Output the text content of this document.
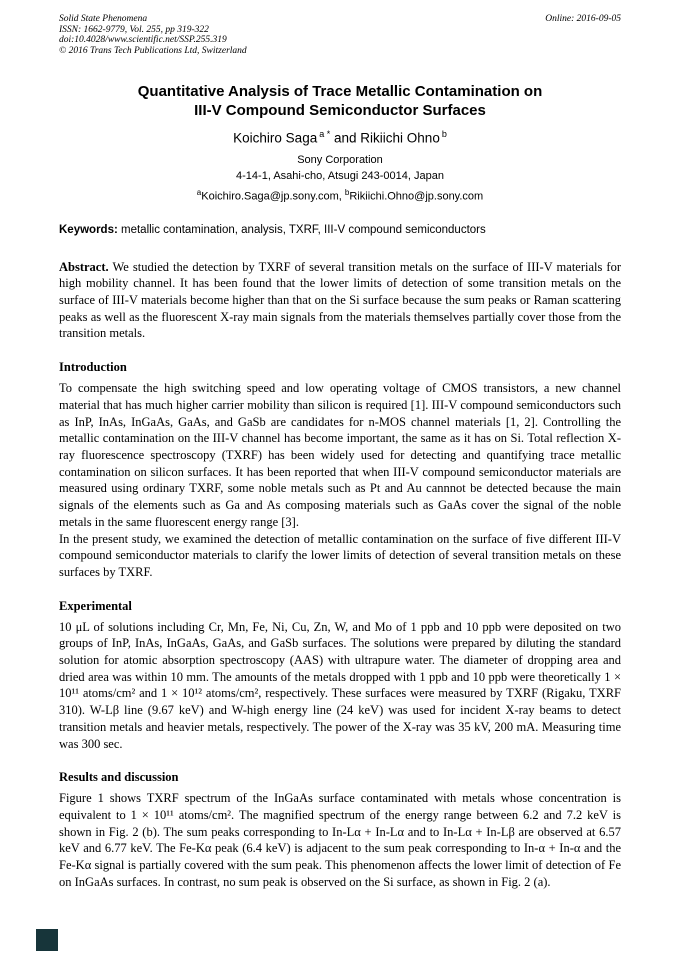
Solid State Phenomena
ISSN: 1662-9779, Vol. 255, pp 319-322
doi:10.4028/www.scientific.net/SSP.255.319
© 2016 Trans Tech Publications Ltd, Switzerland
Online: 2016-09-05
Quantitative Analysis of Trace Metallic Contamination on
III-V Compound Semiconductor Surfaces
Koichiro Saga $^{a *}$ and Rikiichi Ohno $^b$
Sony Corporation
4-14-1, Asahi-cho, Atsugi 243-0014, Japan
$^a$Koichiro.Saga@jp.sony.com, $^b$Rikiichi.Ohno@jp.sony.com
Keywords: metallic contamination, analysis, TXRF, III-V compound semiconductors

Abstract. We studied the detection by TXRF of several transition metals on the surface of III-V materials for high mobility channel. It has been found that the lower limits of detection of some transition metals on the surface of III-V materials become higher than that on the Si surface because the sum peaks or Raman scattering peaks as well as the fluorescent X-ray main signals from the materials themselves partially cover those from the transition metals.

Introduction

To compensate the high switching speed and low operating voltage of CMOS transistors, a new channel material that has much higher carrier mobility than silicon is required [1]. III-V compound semiconductors such as InP, InAs, InGaAs, GaAs, and GaSb are candidates for n-MOS channel materials [1, 2]. Controlling the metallic contamination on the III-V channel has become important, the same as it has on Si. Total reflection X-ray fluorescence spectroscopy (TXRF) has been widely used for detecting and quantifying trace metallic contamination on silicon surfaces. It has been reported that when III-V compound semiconductor materials are measured using ordinary TXRF, some noble metals such as Pt and Au cannnot be detected because the main signals of the elements such as Ga and As composing materials such as GaAs cover the signal of the noble metals in the same fluorescent energy range [3].

In the present study, we examined the detection of metallic contamination on the surface of five different III-V compound semiconductor materials to clarify the lower limits of detection of several transition metals on these surfaces by TXRF.

Experimental

10 μL of solutions including Cr, Mn, Fe, Ni, Cu, Zn, W, and Mo of 1 ppb and 10 ppb were deposited on two groups of InP, InAs, InGaAs, GaAs, and GaSb surfaces. The solutions were prepared by diluting the standard solution for atomic absorption spectroscopy (AAS) with ultrapure water. The diameter of dropping area and dried area was within 10 mm. The amounts of the metals dropped with 1 ppb and 10 ppb were theoretically 1 × 10¹¹ atoms/cm² and 1 × 10¹² atoms/cm², respectively. These surfaces were measured by TXRF (Rigaku, TXRF 310). W-Lβ line (9.67 keV) and W-high energy line (24 keV) was used for incident X-ray beams to detect transition metals and heavier metals, respectively. The power of the X-ray was 35 kV, 200 mA. Measuring time was 300 sec.

Results and discussion

Figure 1 shows TXRF spectrum of the InGaAs surface contaminated with metals whose concentration is equivalent to 1 × 10¹¹ atoms/cm². The magnified spectrum of the energy range between 6.2 and 7.2 keV is shown in Fig. 2 (b). The sum peaks corresponding to In-Lα + In-Lα and to In-Lα + In-Lβ are observed at 6.57 keV and 6.77 keV. The Fe-Kα peak (6.4 keV) is adjacent to the sum peak corresponding to In-α + In-α and the Fe-Kα signal is partially covered with the sum peak. This phenomenon affects the lower limit of detection of Fe on InGaAs surfaces. In contrast, no sum peak is observed on the Si surface, as shown in Fig. 2 (a).
